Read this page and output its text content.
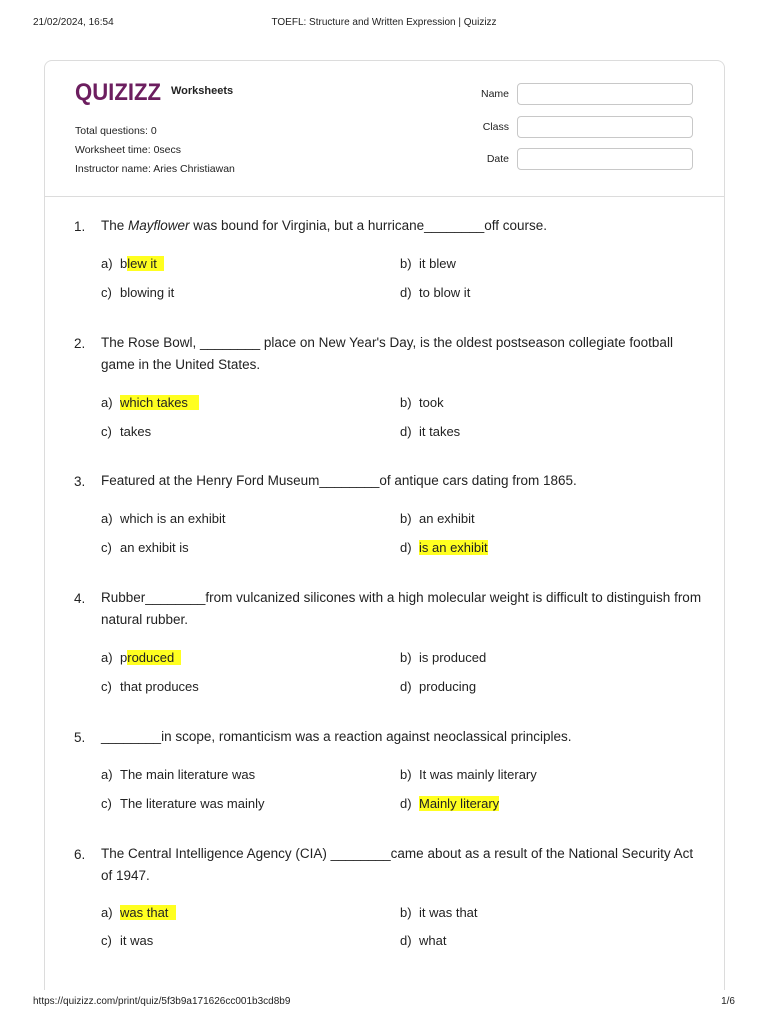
21/02/2024, 16:54	TOEFL: Structure and Written Expression | Quizizz
QUIZIZZ Worksheets
Total questions: 0
Worksheet time: 0secs
Instructor name: Aries Christiawan
Name
Class
Date
1.	The Mayflower was bound for Virginia, but a hurricane________off course.
a) blew it	b) it blew
c) blowing it	d) to blow it
2.	The Rose Bowl, ________ place on New Year's Day, is the oldest postseason collegiate football game in the United States.
a) which takes	b) took
c) takes	d) it takes
3.	Featured at the Henry Ford Museum________of antique cars dating from 1865.
a) which is an exhibit	b) an exhibit
c) an exhibit is	d) is an exhibit
4.	Rubber________from vulcanized silicones with a high molecular weight is difficult to distinguish from natural rubber.
a) produced	b) is produced
c) that produces	d) producing
5.	________in scope, romanticism was a reaction against neoclassical principles.
a) The main literature was	b) It was mainly literary
c) The literature was mainly	d) Mainly literary
6.	The Central Intelligence Agency (CIA) ________came about as a result of the National Security Act of 1947.
a) was that	b) it was that
c) it was	d) what
https://quizizz.com/print/quiz/5f3b9a171626cc001b3cd8b9	1/6
